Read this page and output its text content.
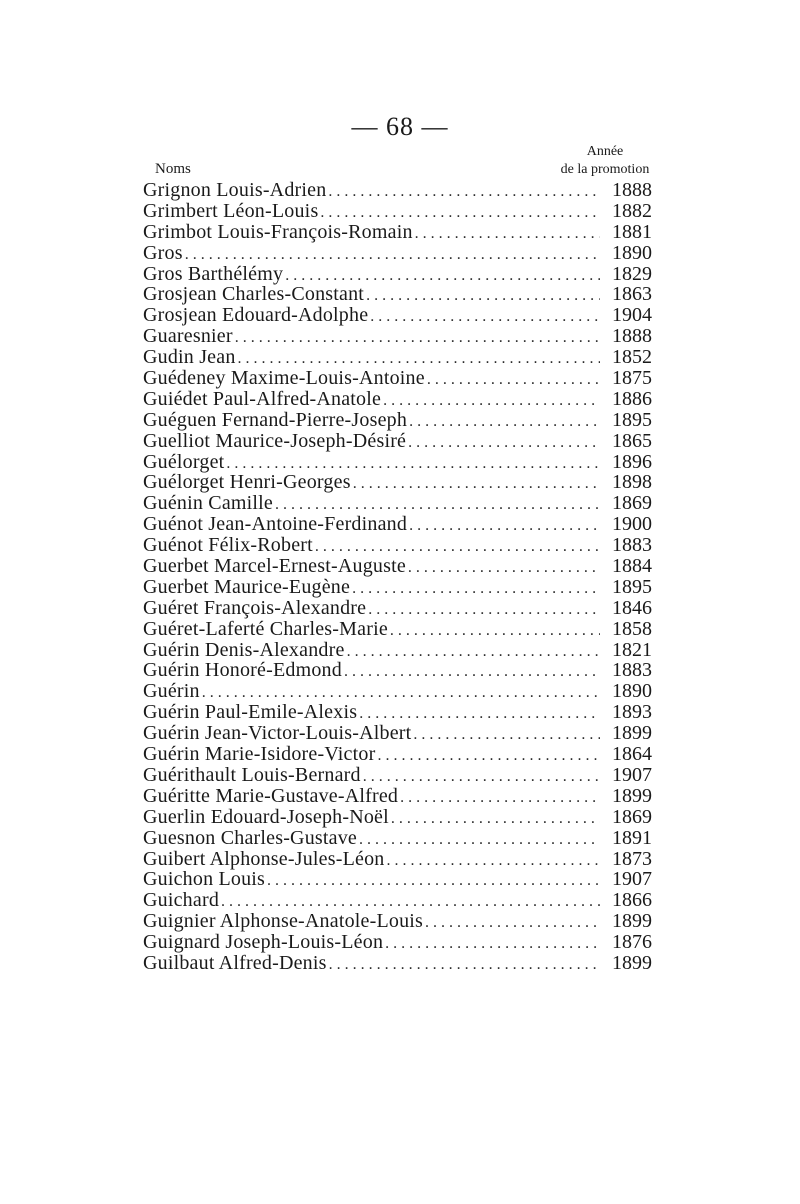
— 68 —
Noms
Année
de la promotion
Grignon Louis-Adrien . . .	1888
Grimbert Léon-Louis . . .	1882
Grimbot Louis-François-Romain . . .	1881
Gros . . .	1890
Gros Barthélémy . . .	1829
Grosjean Charles-Constant . . .	1863
Grosjean Edouard-Adolphe . . .	1904
Guaresnier . . .	1888
Gudin Jean . . .	1852
Guédeney Maxime-Louis-Antoine . . .	1875
Guiédet Paul-Alfred-Anatole . . .	1886
Guéguen Fernand-Pierre-Joseph . . .	1895
Guelliot Maurice-Joseph-Désiré . . .	1865
Guélorget . . .	1896
Guélorget Henri-Georges . . .	1898
Guénin Camille . . .	1869
Guénot Jean-Antoine-Ferdinand . . .	1900
Guénot Félix-Robert . . .	1883
Guerbet Marcel-Ernest-Auguste . . .	1884
Guerbet Maurice-Eugène . . .	1895
Guéret François-Alexandre . . .	1846
Guéret-Laferté Charles-Marie . . .	1858
Guérin Denis-Alexandre . . .	1821
Guérin Honoré-Edmond . . .	1883
Guérin . . .	1890
Guérin Paul-Emile-Alexis . . .	1893
Guérin Jean-Victor-Louis-Albert . . .	1899
Guérin Marie-Isidore-Victor . . .	1864
Guérithault Louis-Bernard . . .	1907
Guéritte Marie-Gustave-Alfred . . .	1899
Guerlin Edouard-Joseph-Noël . . .	1869
Guesnon Charles-Gustave . . .	1891
Guibert Alphonse-Jules-Léon . . .	1873
Guichon Louis . . .	1907
Guichard . . .	1866
Guignier Alphonse-Anatole-Louis . . .	1899
Guignard Joseph-Louis-Léon . . .	1876
Guilbaut Alfred-Denis . . .	1899
